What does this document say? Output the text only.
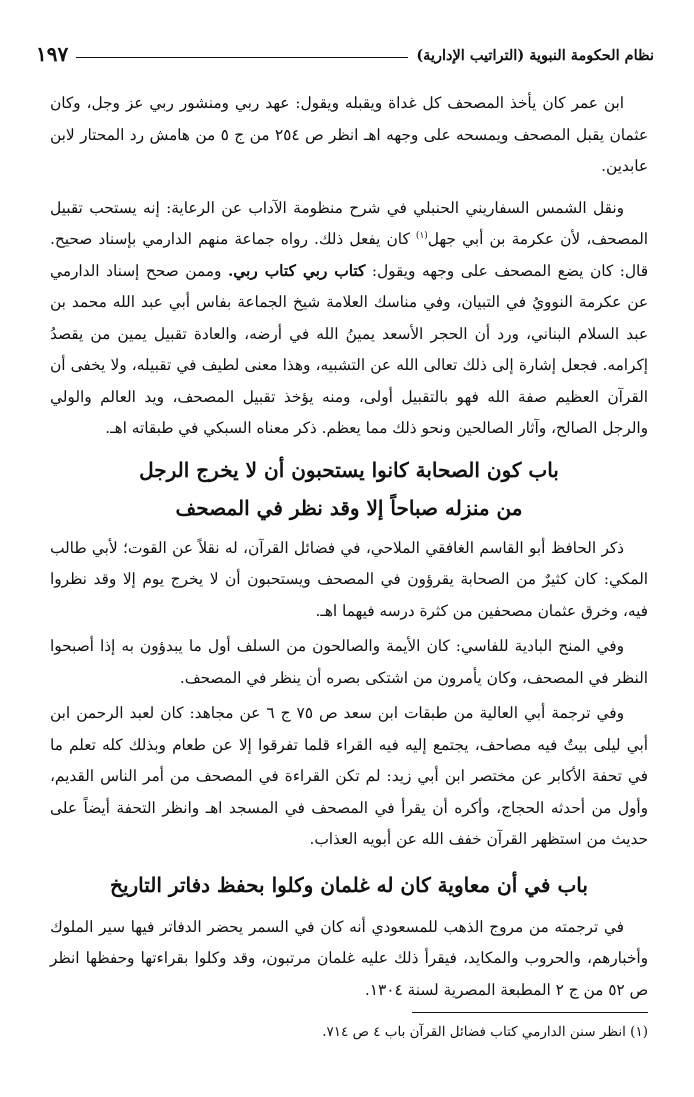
١٩٧	نظام الحكومة النبوية (التراتيب الإدارية)

ابن عمر كان يأخذ المصحف كل غداة ويقبله ويقول: عهد ربي ومنشور ربي عز وجل، وكان عثمان يقبل المصحف ويمسحه على وجهه اهـ انظر ص ٢٥٤ من ج ٥ من هامش رد المحتار لابن عابدين.

ونقل الشمس السفاريني الحنبلي في شرح منظومة الآداب عن الرعاية: إنه يستحب تقبيل المصحف، لأن عكرمة بن أبي جهل$^{(١)}$ كان يفعل ذلك. رواه جماعة منهم الدارمي بإسناد صحيح. قال: كان يضع المصحف على وجهه ويقول: كتاب ربي كتاب ربي. وممن صحح إسناد الدارمي عن عكرمة النوويُ في التبيان، وفي مناسك العلامة شيخ الجماعة بفاس أبي عبد الله محمد بن عبد السلام البناني، ورد أن الحجر الأسعد يمينُ الله في أرضه، والعادة تقبيل يمين من يقصدُ إكرامه. فجعل إشارة إلى ذلك تعالى الله عن التشبيه، وهذا معنى لطيف في تقبيله، ولا يخفى أن القرآن العظيم صفة الله فهو بالتقبيل أولى، ومنه يؤخذ تقبيل المصحف، ويد العالم والولي والرجل الصالح، وآثار الصالحين ونحو ذلك مما يعظم. ذكر معناه السبكي في طبقاته اهـ.

باب كون الصحابة كانوا يستحبون أن لا يخرج الرجل
من منزله صباحاً إلا وقد نظر في المصحف

ذكر الحافظ أبو القاسم الغافقي الملاحي، في فضائل القرآن، له نقلاً عن القوت؛ لأبي طالب المكي: كان كثيرٌ من الصحابة يقرؤون في المصحف ويستحبون أن لا يخرج يوم إلا وقد نظروا فيه، وخرق عثمان مصحفين من كثرة درسه فيهما اهـ.

وفي المنح البادية للفاسي: كان الأيمة والصالحون من السلف أول ما يبدؤون به إذا أصبحوا النظر في المصحف، وكان يأمرون من اشتكى بصره أن ينظر في المصحف.

وفي ترجمة أبي العالية من طبقات ابن سعد ص ٧٥ ج ٦ عن مجاهد: كان لعبد الرحمن ابن أبي ليلى بيتٌ فيه مصاحف، يجتمع إليه فيه القراء قلما تفرقوا إلا عن طعام وبذلك كله تعلم ما في تحفة الأكابر عن مختصر ابن أبي زيد: لم تكن القراءة في المصحف من أمر الناس القديم، وأول من أحدثه الحجاج، وأكره أن يقرأ في المصحف في المسجد اهـ وانظر التحفة أيضاً على حديث من استظهر القرآن خفف الله عن أبويه العذاب.

باب في أن معاوية كان له غلمان وكلوا بحفظ دفاتر التاريخ

في ترجمته من مروج الذهب للمسعودي أنه كان في السمر يحضر الدفاتر فيها سير الملوك وأخبارهم، والحروب والمكايد، فيقرأ ذلك عليه غلمان مرتبون، وقد وكلوا بقراءتها وحفظها انظر ص ٥٢ من ج ٢ المطبعة المصرية لسنة ١٣٠٤.

(١) انظر سنن الدارمي كتاب فضائل القرآن باب ٤ ص ٧١٤.
